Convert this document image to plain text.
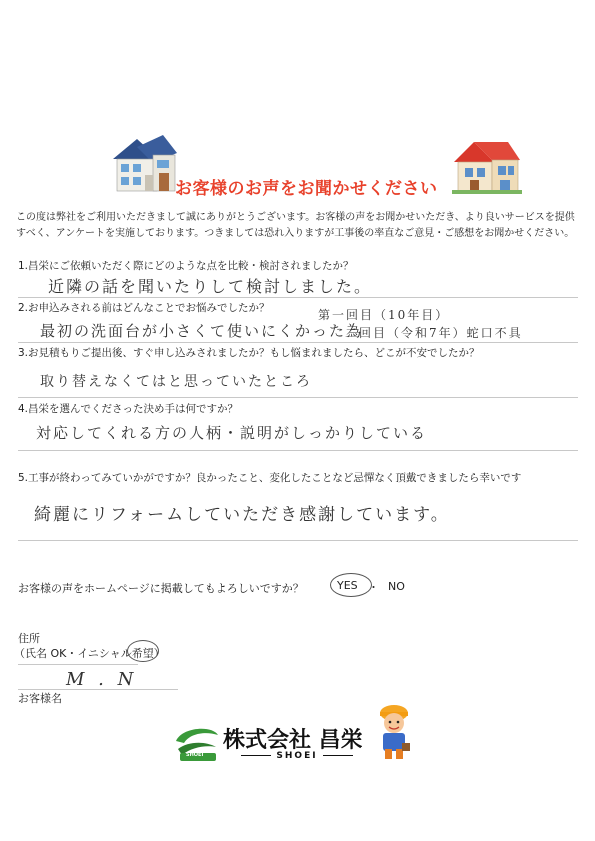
お客様のお声をお聞かせください
この度は弊社をご利用いただきまして誠にありがとうございます。お客様の声をお聞かせいただき、より良いサービスを提供
すべく、アンケートを実施しております。つきましては恐れ入りますが工事後の率直なご意見・ご感想をお聞かせください。
1.昌栄にご依頼いただく際にどのような点を比較・検討されましたか？
近隣の話を聞いたりして検討しました。
2.お申込みされる前はどんなことでお悩みでしたか？
最初の洗面台が小さくて使いにくかった為
第一回目（10年目）
二回目（令和7年）蛇口不具
3.お見積もりご提出後、すぐ申し込みされましたか？もし悩まれましたら、どこが不安でしたか？
取り替えなくてはと思っていたところ
4.昌栄を選んでくださった決め手は何ですか？
対応してくれる方の人柄・説明がしっかりしている
5.工事が終わってみていかがですか？良かったこと、変化したことなど忌憚なく頂戴できましたら幸いです
綺麗にリフォームしていただき感謝しています。
お客様の声をホームページに掲載してもよろしいですか？	YES ・ NO
住所
（氏名 OK・イニシャル希望）
M . N
お客様名
SHOEI
株式会社 昌栄
SHOEI
